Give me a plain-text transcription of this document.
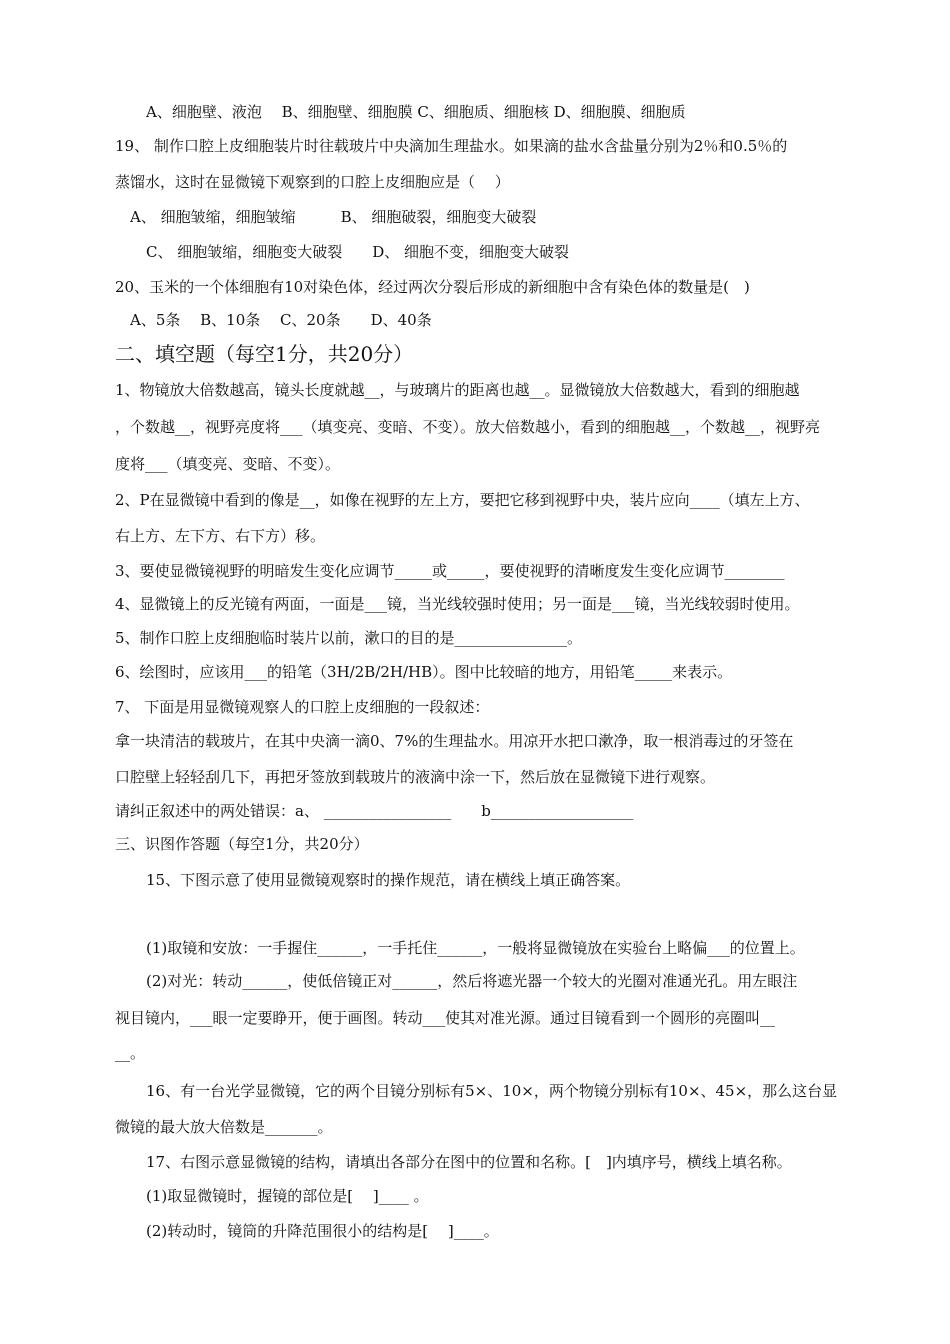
A、细胞壁、液泡　 B、细胞壁、细胞膜 C、细胞质、细胞核 D、细胞膜、细胞质
19、 制作口腔上皮细胞装片时往载玻片中央滴加生理盐水。如果滴的盐水含盐量分别为2％和0.5％的
蒸馏水，这时在显微镜下观察到的口腔上皮细胞应是（　 ）
A、 细胞皱缩，细胞皱缩　　　B、 细胞破裂，细胞变大破裂
C、 细胞皱缩，细胞变大破裂　　D、 细胞不变，细胞变大破裂
20、玉米的一个体细胞有10对染色体，经过两次分裂后形成的新细胞中含有染色体的数量是(　)
A、5条　 B、10条　 C、20条　　D、40条
二、填空题（每空1分，共20分）
1、物镜放大倍数越高，镜头长度就越__，与玻璃片的距离也越__。显微镜放大倍数越大，看到的细胞越
，个数越__，视野亮度将___（填变亮、变暗、不变）。放大倍数越小，看到的细胞越__，个数越__，视野亮
度将___（填变亮、变暗、不变）。
2、P在显微镜中看到的像是__，如像在视野的左上方，要把它移到视野中央，装片应向____（填左上方、
右上方、左下方、右下方）移。
3、要使显微镜视野的明暗发生变化应调节_____或_____，要使视野的清晰度发生变化应调节________
4、显微镜上的反光镜有两面，一面是___镜，当光线较强时使用；另一面是___镜，当光线较弱时使用。
5、制作口腔上皮细胞临时装片以前，漱口的目的是_______________。
6、绘图时，应该用___的铅笔（3H/2B/2H/HB）。图中比较暗的地方，用铅笔_____来表示。
7、 下面是用显微镜观察人的口腔上皮细胞的一段叙述：
拿一块清洁的载玻片，在其中央滴一滴0、7%的生理盐水。用凉开水把口漱净，取一根消毒过的牙签在
口腔壁上轻轻刮几下，再把牙签放到载玻片的液滴中涂一下，然后放在显微镜下进行观察。
请纠正叙述中的两处错误：a、 _________________　　b___________________
三、识图作答题（每空1分，共20分）
15、下图示意了使用显微镜观察时的操作规范，请在横线上填正确答案。
(1)取镜和安放：一手握住______，一手托住______，一般将显微镜放在实验台上略偏___的位置上。
(2)对光：转动______，使低倍镜正对______，然后将遮光器一个较大的光圈对准通光孔。用左眼注
视目镜内，___眼一定要睁开，便于画图。转动___使其对准光源。通过目镜看到一个圆形的亮圈叫__
__。
16、有一台光学显微镜，它的两个目镜分别标有5×、10×，两个物镜分别标有10×、45×，那么这台显
微镜的最大放大倍数是_______。
17、右图示意显微镜的结构，请填出各部分在图中的位置和名称。[　]内填序号，横线上填名称。
(1)取显微镜时，握镜的部位是[　 ]____ 。
(2)转动时，镜筒的升降范围很小的结构是[　 ]____。
